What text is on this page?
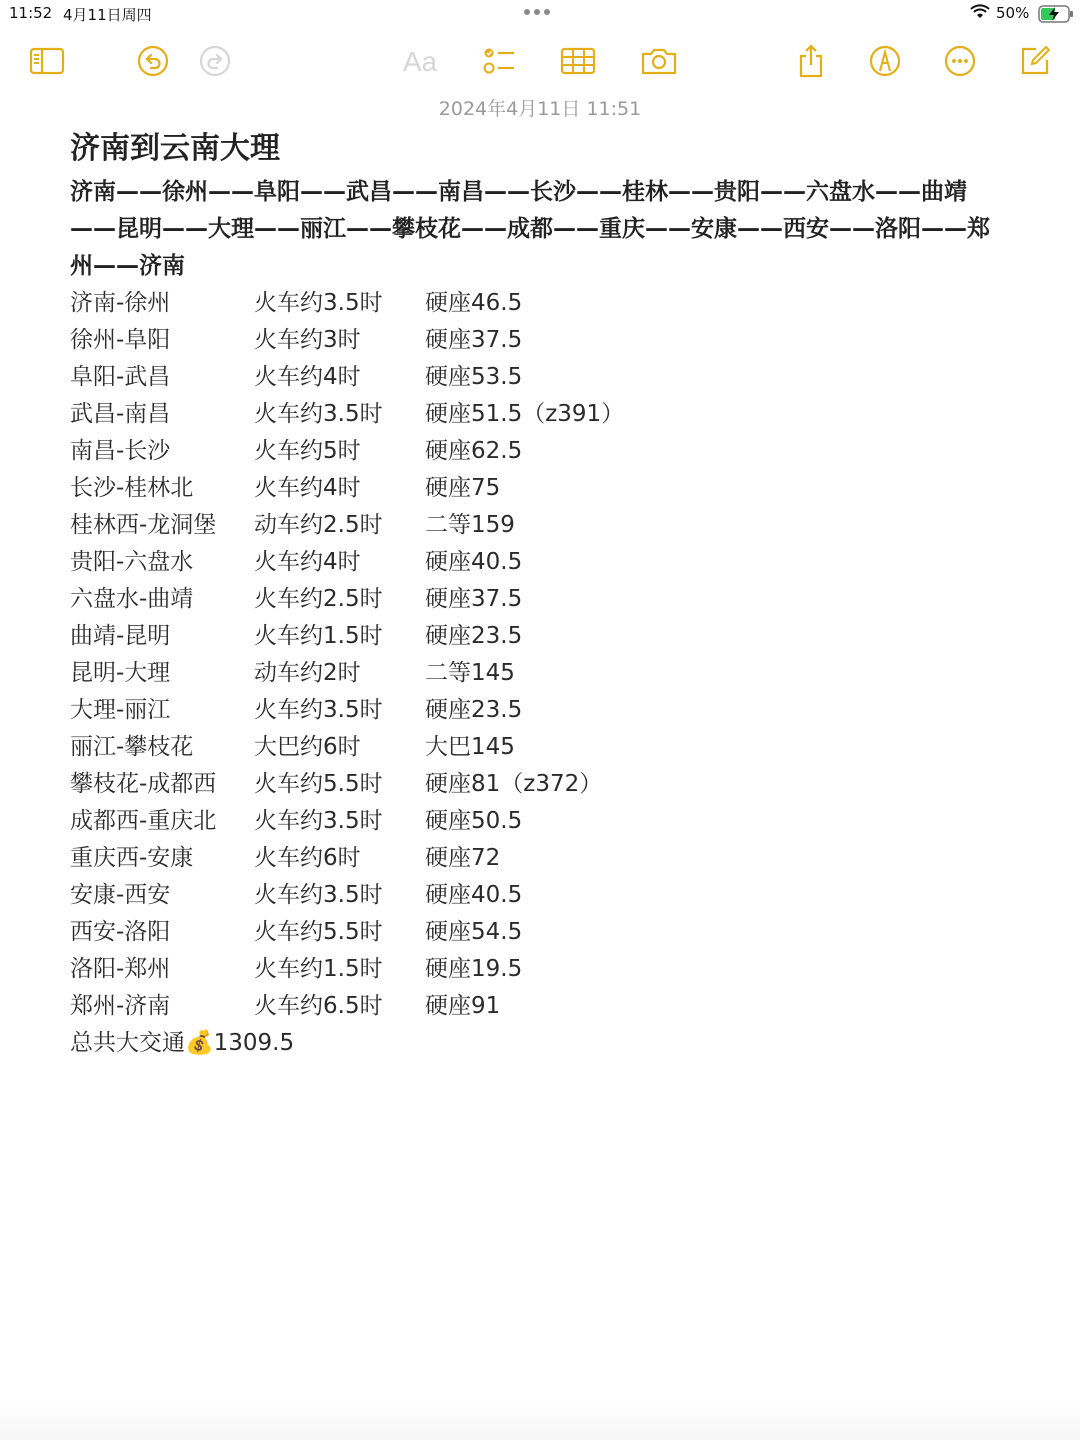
11:52 4月11日周四	50%
Aa
2024年4月11日 11:51
济南到云南大理
济南——徐州——阜阳——武昌——南昌——长沙——桂林——贵阳——六盘水——曲靖——昆明——大理——丽江——攀枝花——成都——重庆——安康——西安——洛阳——郑州——济南
济南-徐州	火车约3.5时 硬座46.5
徐州-阜阳	火车约3时	硬座37.5
阜阳-武昌	火车约4时	硬座53.5
武昌-南昌	火车约3.5时 硬座51.5（z391）
南昌-长沙	火车约5时	硬座62.5
长沙-桂林北	火车约4时	硬座75
桂林西-龙洞堡 动车约2.5时 二等159
贵阳-六盘水	火车约4时	硬座40.5
六盘水-曲靖	火车约2.5时 硬座37.5
曲靖-昆明	火车约1.5时 硬座23.5
昆明-大理	动车约2时	二等145
大理-丽江	火车约3.5时 硬座23.5
丽江-攀枝花	大巴约6时	大巴145
攀枝花-成都西 火车约5.5时 硬座81（z372）
成都西-重庆北 火车约3.5时 硬座50.5
重庆西-安康	火车约6时	硬座72
安康-西安	火车约3.5时 硬座40.5
西安-洛阳	火车约5.5时 硬座54.5
洛阳-郑州	火车约1.5时 硬座19.5
郑州-济南	火车约6.5时 硬座91
总共大交通💰1309.5
